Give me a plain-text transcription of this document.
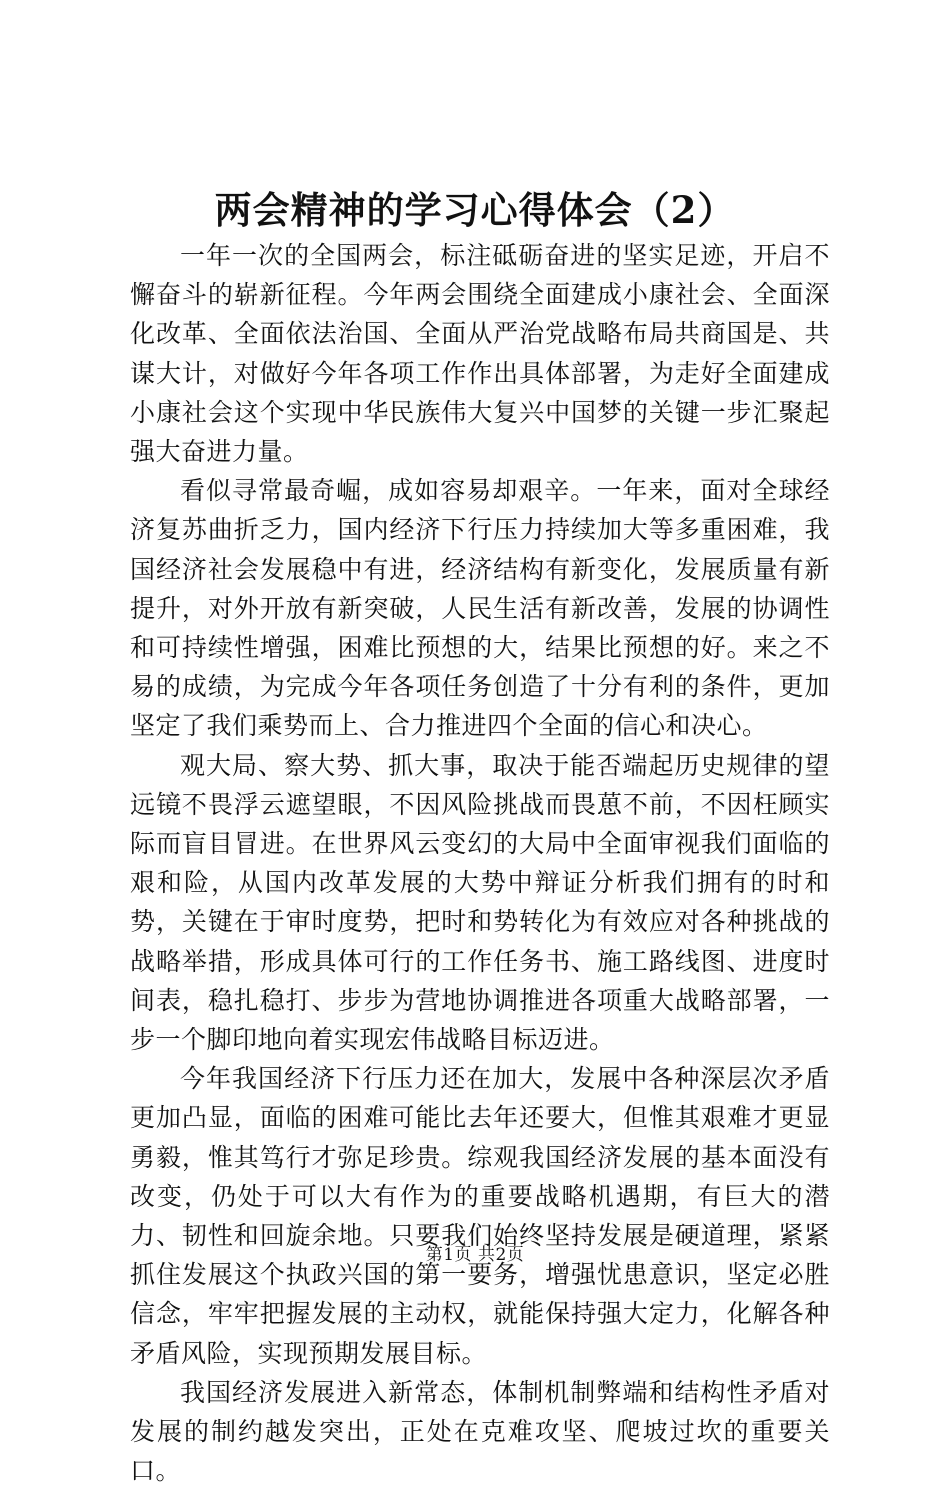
两会精神的学习心得体会（2）

一年一次的全国两会，标注砥砺奋进的坚实足迹，开启不懈奋斗的崭新征程。今年两会围绕全面建成小康社会、全面深化改革、全面依法治国、全面从严治党战略布局共商国是、共谋大计，对做好今年各项工作作出具体部署，为走好全面建成小康社会这个实现中华民族伟大复兴中国梦的关键一步汇聚起强大奋进力量。

看似寻常最奇崛，成如容易却艰辛。一年来，面对全球经济复苏曲折乏力，国内经济下行压力持续加大等多重困难，我国经济社会发展稳中有进，经济结构有新变化，发展质量有新提升，对外开放有新突破，人民生活有新改善，发展的协调性和可持续性增强，困难比预想的大，结果比预想的好。来之不易的成绩，为完成今年各项任务创造了十分有利的条件，更加坚定了我们乘势而上、合力推进四个全面的信心和决心。

观大局、察大势、抓大事，取决于能否端起历史规律的望远镜不畏浮云遮望眼，不因风险挑战而畏葸不前，不因枉顾实际而盲目冒进。在世界风云变幻的大局中全面审视我们面临的艰和险，从国内改革发展的大势中辩证分析我们拥有的时和势，关键在于审时度势，把时和势转化为有效应对各种挑战的战略举措，形成具体可行的工作任务书、施工路线图、进度时间表，稳扎稳打、步步为营地协调推进各项重大战略部署，一步一个脚印地向着实现宏伟战略目标迈进。

今年我国经济下行压力还在加大，发展中各种深层次矛盾更加凸显，面临的困难可能比去年还要大，但惟其艰难才更显勇毅，惟其笃行才弥足珍贵。综观我国经济发展的基本面没有改变，仍处于可以大有作为的重要战略机遇期，有巨大的潜力、韧性和回旋余地。只要我们始终坚持发展是硬道理，紧紧抓住发展这个执政兴国的第一要务，增强忧患意识，坚定必胜信念，牢牢把握发展的主动权，就能保持强大定力，化解各种矛盾风险，实现预期发展目标。

我国经济发展进入新常态，体制机制弊端和结构性矛盾对发展的制约越发突出，正处在克难攻坚、爬坡过坎的重要关口。

第1页 共2页
